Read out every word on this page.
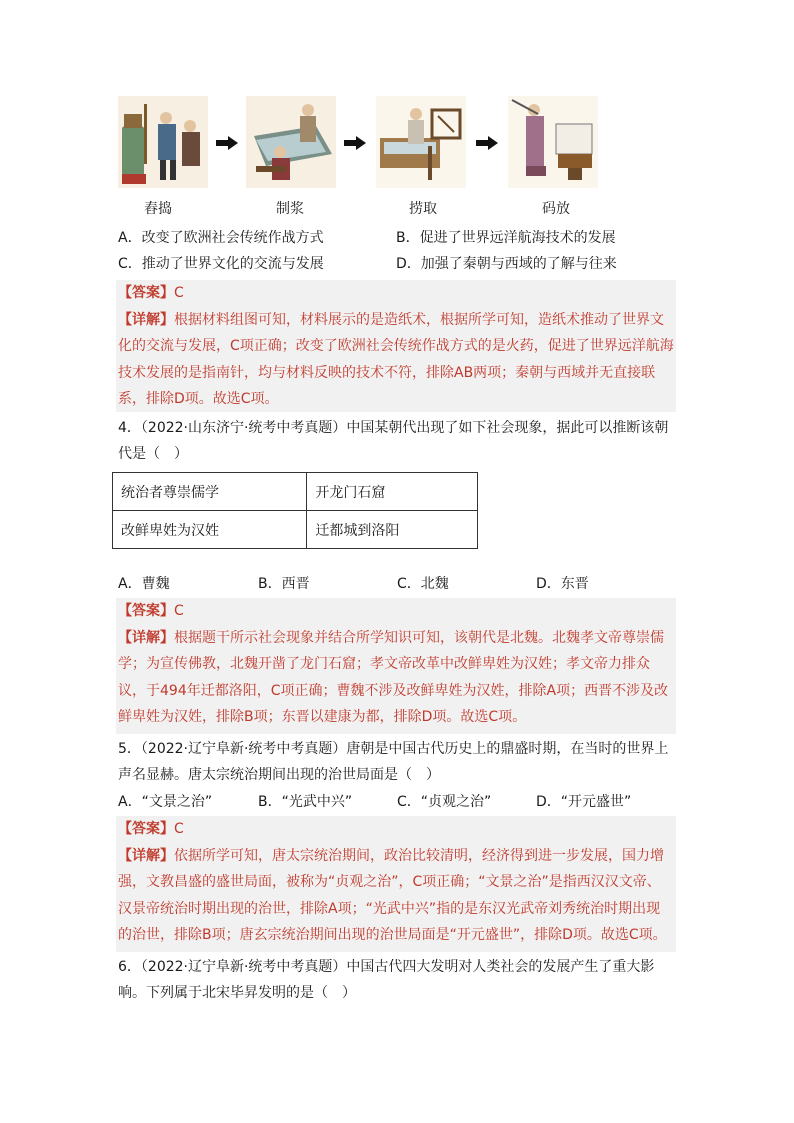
舂捣	制浆	捞取	码放
A．改变了欧洲社会传统作战方式	B．促进了世界远洋航海技术的发展
C．推动了世界文化的交流与发展	D．加强了秦朝与西域的了解与往来

【答案】C

【详解】根据材料组图可知，材料展示的是造纸术，根据所学可知，造纸术推动了世界文化的交流与发展，C项正确；改变了欧洲社会传统作战方式的是火药，促进了世界远洋航海技术发展的是指南针，均与材料反映的技术不符，排除AB两项；秦朝与西域并无直接联系，排除D项。故选C项。

4．（2022·山东济宁·统考中考真题）中国某朝代出现了如下社会现象，据此可以推断该朝代是（　）
统治者尊崇儒学	开龙门石窟
改鲜卑姓为汉姓	迁都城到洛阳
A．曹魏	B．西晋	C．北魏	D．东晋

【答案】C

【详解】根据题干所示社会现象并结合所学知识可知，该朝代是北魏。北魏孝文帝尊崇儒学；为宣传佛教，北魏开凿了龙门石窟；孝文帝改革中改鲜卑姓为汉姓；孝文帝力排众议，于494年迁都洛阳，C项正确；曹魏不涉及改鲜卑姓为汉姓，排除A项；西晋不涉及改鲜卑姓为汉姓，排除B项；东晋以建康为都，排除D项。故选C项。

5．（2022·辽宁阜新·统考中考真题）唐朝是中国古代历史上的鼎盛时期，在当时的世界上声名显赫。唐太宗统治期间出现的治世局面是（　）
A．“文景之治”	B．“光武中兴”	C．“贞观之治”	D．“开元盛世”

【答案】C

【详解】依据所学可知，唐太宗统治期间，政治比较清明，经济得到进一步发展，国力增强，文教昌盛的盛世局面，被称为“贞观之治”，C项正确；“文景之治”是指西汉汉文帝、汉景帝统治时期出现的治世，排除A项；“光武中兴”指的是东汉光武帝刘秀统治时期出现的治世，排除B项；唐玄宗统治期间出现的治世局面是“开元盛世”，排除D项。故选C项。

6．（2022·辽宁阜新·统考中考真题）中国古代四大发明对人类社会的发展产生了重大影响。下列属于北宋毕昇发明的是（　）
